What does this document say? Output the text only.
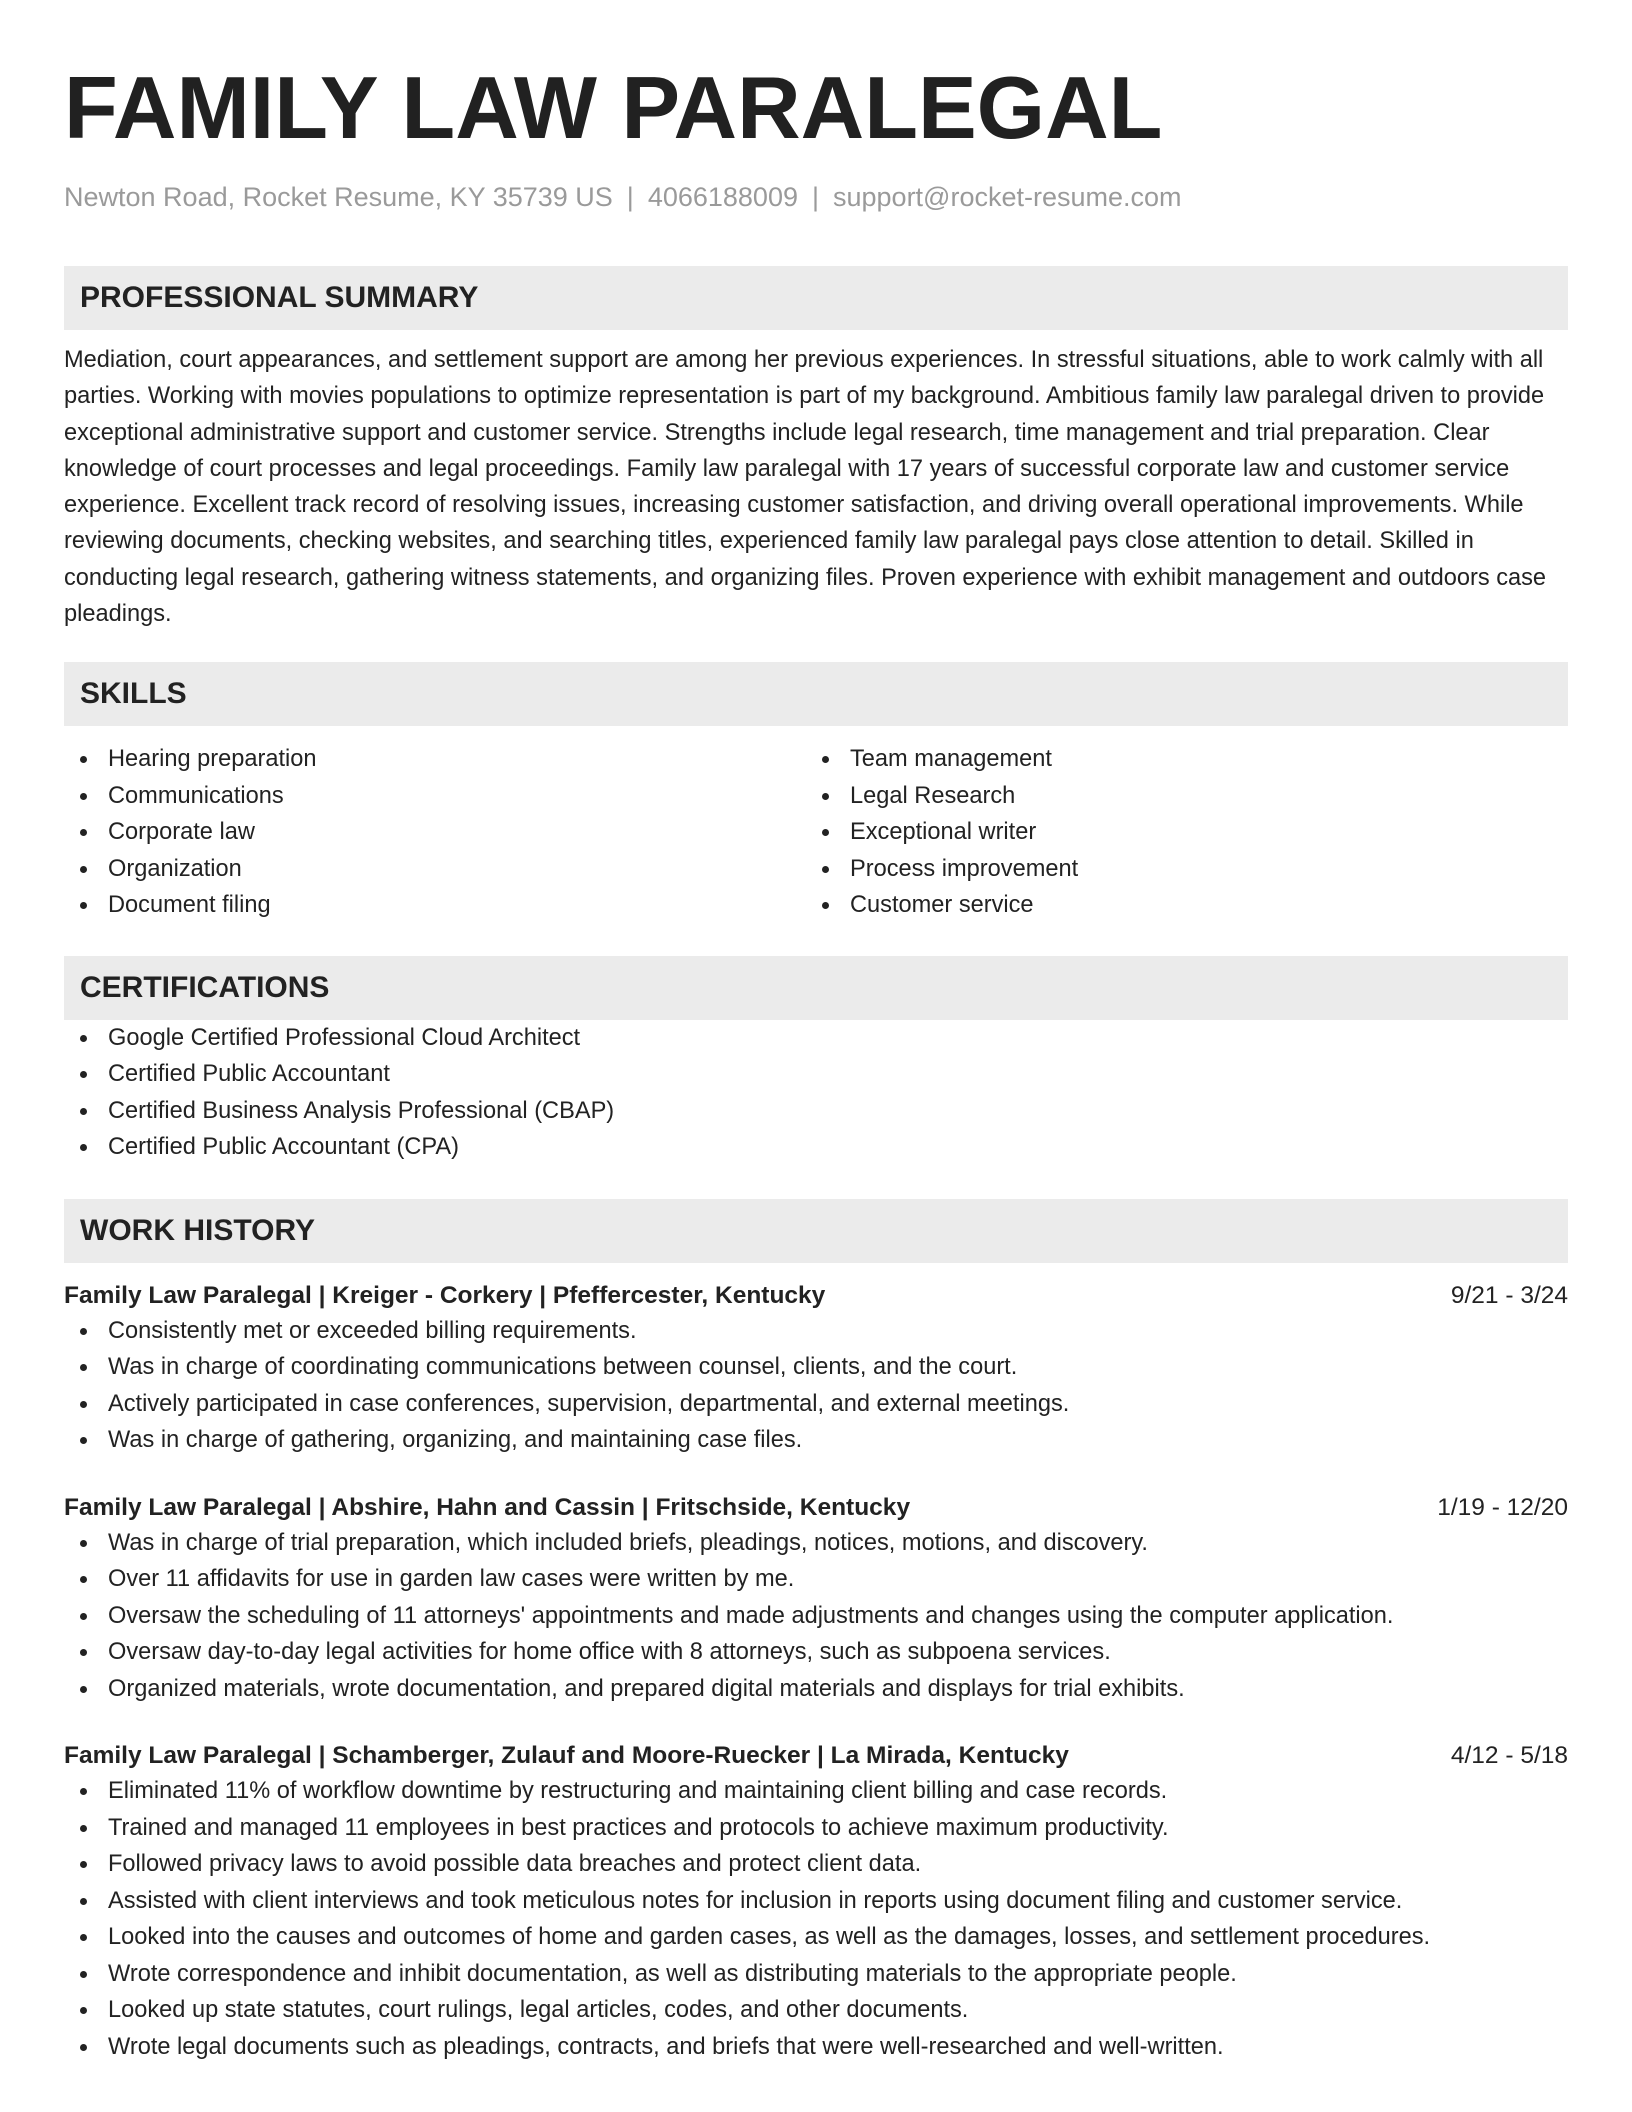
FAMILY LAW PARALEGAL
Newton Road, Rocket Resume, KY 35739 US | 4066188009 | support@rocket-resume.com
PROFESSIONAL SUMMARY
Mediation, court appearances, and settlement support are among her previous experiences. In stressful situations, able to work calmly with all parties. Working with movies populations to optimize representation is part of my background. Ambitious family law paralegal driven to provide exceptional administrative support and customer service. Strengths include legal research, time management and trial preparation. Clear knowledge of court processes and legal proceedings. Family law paralegal with 17 years of successful corporate law and customer service experience. Excellent track record of resolving issues, increasing customer satisfaction, and driving overall operational improvements. While reviewing documents, checking websites, and searching titles, experienced family law paralegal pays close attention to detail. Skilled in conducting legal research, gathering witness statements, and organizing files. Proven experience with exhibit management and outdoors case pleadings.
SKILLS
Hearing preparation
Communications
Corporate law
Organization
Document filing
Team management
Legal Research
Exceptional writer
Process improvement
Customer service
CERTIFICATIONS
Google Certified Professional Cloud Architect
Certified Public Accountant
Certified Business Analysis Professional (CBAP)
Certified Public Accountant (CPA)
WORK HISTORY
Family Law Paralegal | Kreiger - Corkery | Pfeffercester, Kentucky	9/21 - 3/24
Consistently met or exceeded billing requirements.
Was in charge of coordinating communications between counsel, clients, and the court.
Actively participated in case conferences, supervision, departmental, and external meetings.
Was in charge of gathering, organizing, and maintaining case files.
Family Law Paralegal | Abshire, Hahn and Cassin | Fritschside, Kentucky	1/19 - 12/20
Was in charge of trial preparation, which included briefs, pleadings, notices, motions, and discovery.
Over 11 affidavits for use in garden law cases were written by me.
Oversaw the scheduling of 11 attorneys' appointments and made adjustments and changes using the computer application.
Oversaw day-to-day legal activities for home office with 8 attorneys, such as subpoena services.
Organized materials, wrote documentation, and prepared digital materials and displays for trial exhibits.
Family Law Paralegal | Schamberger, Zulauf and Moore-Ruecker | La Mirada, Kentucky	4/12 - 5/18
Eliminated 11% of workflow downtime by restructuring and maintaining client billing and case records.
Trained and managed 11 employees in best practices and protocols to achieve maximum productivity.
Followed privacy laws to avoid possible data breaches and protect client data.
Assisted with client interviews and took meticulous notes for inclusion in reports using document filing and customer service.
Looked into the causes and outcomes of home and garden cases, as well as the damages, losses, and settlement procedures.
Wrote correspondence and inhibit documentation, as well as distributing materials to the appropriate people.
Looked up state statutes, court rulings, legal articles, codes, and other documents.
Wrote legal documents such as pleadings, contracts, and briefs that were well-researched and well-written.
